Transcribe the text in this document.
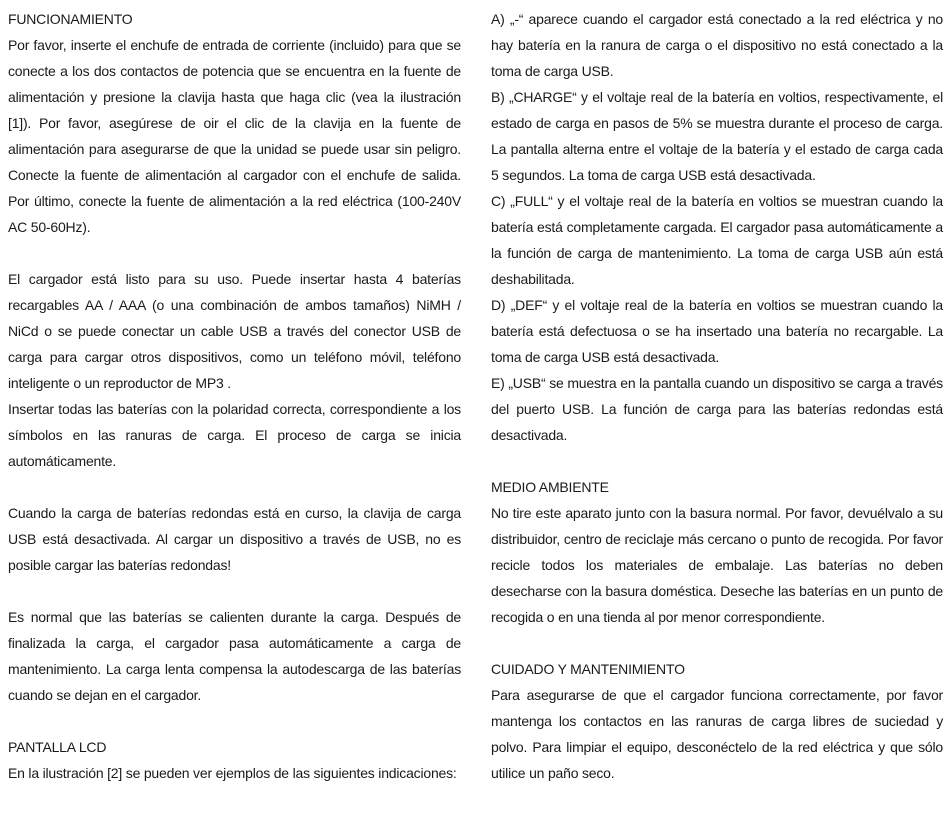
FUNCIONAMIENTO

Por favor, inserte el enchufe de entrada de corriente (incluido) para que se conecte a los dos contactos de potencia que se encuentra en la fuente de alimentación y presione la clavija hasta que haga clic (vea la ilustración [1]). Por favor, asegúrese de oir el clic de la clavija en la fuente de alimentación para asegurarse de que la unidad se puede usar sin peligro. Conecte la fuente de alimentación al cargador con el enchufe de salida. Por último, conecte la fuente de alimentación a la red eléctrica (100-240V AC 50-60Hz).

El cargador está listo para su uso. Puede insertar hasta 4 baterías recargables AA / AAA (o una combinación de ambos tamaños) NiMH / NiCd o se puede conectar un cable USB a través del conector USB de carga para cargar otros dispositivos, como un teléfono móvil, teléfono inteligente o un reproductor de MP3 .

Insertar todas las baterías con la polaridad correcta, correspondiente a los símbolos en las ranuras de carga. El proceso de carga se inicia automáticamente.

Cuando la carga de baterías redondas está en curso, la clavija de carga USB está desactivada. Al cargar un dispositivo a través de USB, no es posible cargar las baterías redondas!

Es normal que las baterías se calienten durante la carga. Después de finalizada la carga, el cargador pasa automáticamente a carga de mantenimiento. La carga lenta compensa la autodescarga de las baterías cuando se dejan en el cargador.

PANTALLA LCD

En la ilustración [2] se pueden ver ejemplos de las siguientes indicaciones:

A) „-“ aparece cuando el cargador está conectado a la red eléctrica y no hay batería en la ranura de carga o el dispositivo no está conectado a la toma de carga USB.

B) „CHARGE“ y el voltaje real de la batería en voltios, respectivamente, el estado de carga en pasos de 5% se muestra durante el proceso de carga. La pantalla alterna entre el voltaje de la batería y el estado de carga cada 5 segundos. La toma de carga USB está desactivada.

C) „FULL“ y el voltaje real de la batería en voltios se muestran cuando la batería está completamente cargada. El cargador pasa automáticamente a la función de carga de mantenimiento. La toma de carga USB aún está deshabilitada.

D) „DEF“ y el voltaje real de la batería en voltios se muestran cuando la batería está defectuosa o se ha insertado una batería no recargable. La toma de carga USB está desactivada.

E) „USB“ se muestra en la pantalla cuando un dispositivo se carga a través del puerto USB. La función de carga para las baterías redondas está desactivada.

MEDIO AMBIENTE

No tire este aparato junto con la basura normal. Por favor, devuélvalo a su distribuidor, centro de reciclaje más cercano o punto de recogida. Por favor recicle todos los materiales de embalaje. Las baterías no deben desecharse con la basura doméstica. Deseche las baterías en un punto de recogida o en una tienda al por menor correspondiente.

CUIDADO Y MANTENIMIENTO

Para asegurarse de que el cargador funciona correctamente, por favor mantenga los contactos en las ranuras de carga libres de suciedad y polvo. Para limpiar el equipo, desconéctelo de la red eléctrica y que sólo utilice un paño seco.
